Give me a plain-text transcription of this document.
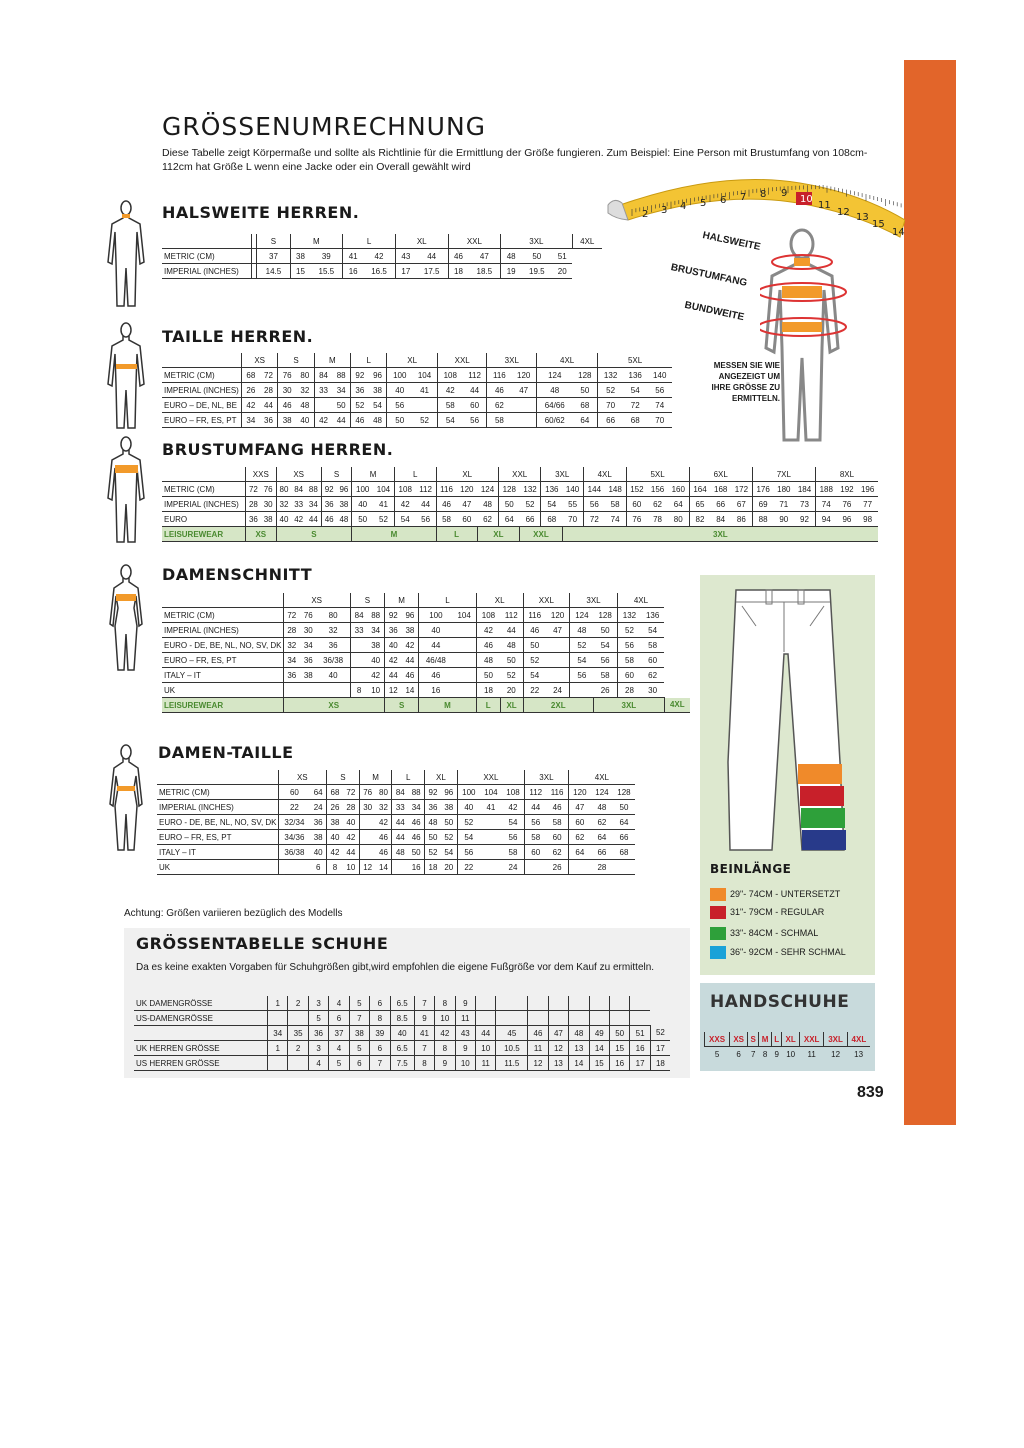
GRÖSSENUMRECHNUNG
Diese Tabelle zeigt Körpermaße und sollte als Richtlinie für die Ermittlung der Größe fungieren. Zum Beispiel: Eine Person mit Brustumfang von 108cm-112cm hat Größe L wenn eine Jacke oder ein Overall gewählt wird
2 3 4 5 6 7 8 9
10
11
12 13
15
14
HALSWEITE
BRUSTUMFANG
BUNDWEITE
MESSEN SIE WIE ANGEZEIGT UM IHRE GRÖSSE ZU ERMITTELN.
HALSWEITE HERREN.
TAILLE HERREN.
BRUSTUMFANG HERREN.
DAMENSCHNITT
DAMEN-TAILLE
		S	M		L		XL		XXL		3XL			4XL
METRIC (CM)		37	38	39	41	42	43	44	46	47	48	50	51	
IMPERIAL (INCHES)		14.5	15	15.5	16	16.5	17	17.5	18	18.5	19	19.5	20	
	XS		S		M		L		XL		XXL		3XL		4XL		5XL		
METRIC (CM)	68	72	76	80	84	88	92	96	100	104	108	112	116	120	124	128	132	136	140
IMPERIAL (INCHES)	26	28	30	32	33	34	36	38	40	41	42	44	46	47	48	50	52	54	56
EURO – DE, NL, BE	42	44	46	48		50	52	54	56		58	60	62		64/66	68	70	72	74
EURO – FR, ES, PT	34	36	38	40	42	44	46	48	50	52	54	56	58		60/62	64	66	68	70
	XXS		XS			S		M		L		XL			XXL		3XL		4XL		5XL			6XL			7XL			8XL		
METRIC (CM)	72	76	80	84	88	92	96	100	104	108	112	116	120	124	128	132	136	140	144	148	152	156	160	164	168	172	176	180	184	188	192	196
IMPERIAL (INCHES)	28	30	32	33	34	36	38	40	41	42	44	46	47	48	50	52	54	55	56	58	60	62	64	65	66	67	69	71	73	74	76	77
EURO	36	38	40	42	44	46	48	50	52	54	56	58	60	62	64	66	68	70	72	74	76	78	80	82	84	86	88	90	92	94	96	98
LEISUREWEAR	XS		S					M				L		XL		XXL		3XL														
	XS			S		M		L		XL		XXL		3XL		4XL		
METRIC (CM)	72	76	80	84	88	92	96	100	104	108	112	116	120	124	128	132	136	
IMPERIAL (INCHES)	28	30	32	33	34	36	38	40		42	44	46	47	48	50	52	54	
EURO - DE, BE, NL, NO, SV, DK	32	34	36		38	40	42	44		46	48	50		52	54	56	58	
EURO – FR, ES, PT	34	36	36/38		40	42	44	46/48		48	50	52		54	56	58	60	
ITALY – IT	36	38	40		42	44	46	46		50	52	54		56	58	60	62	
UK				8	10	12	14	16		18	20	22	24		26	28	30	
LEISUREWEAR	XS					S		M		L	XL	2XL			3XL			4XL
	XS		S		M		L		XL		XXL			3XL		4XL		
METRIC (CM)	60	64	68	72	76	80	84	88	92	96	100	104	108	112	116	120	124	128
IMPERIAL (INCHES)	22	24	26	28	30	32	33	34	36	38	40	41	42	44	46	47	48	50
EURO - DE, BE, NL, NO, SV, DK	32/34	36	38	40		42	44	46	48	50	52		54	56	58	60	62	64
EURO – FR, ES, PT	34/36	38	40	42		46	44	46	50	52	54		56	58	60	62	64	66
ITALY – IT	36/38	40	42	44		46	48	50	52	54	56		58	60	62	64	66	68
UK		6	8	10	12	14		16	18	20	22		24		26		28	
Achtung: Größen variieren bezüglich des Modells
GRÖSSENTABELLE SCHUHE
Da es keine exakten Vorgaben für Schuhgrößen gibt,wird empfohlen die eigene Fußgröße vor dem Kauf zu ermitteln.
UK DAMENGRÖSSE	1	2	3	4	5	6	6.5	7	8	9									
US-DAMENGRÖSSE			5	6	7	8	8.5	9	10	11									
	34	35	36	37	38	39	40	41	42	43	44	45	46	47	48	49	50	51	52
UK HERREN GRÖSSE	1	2	3	4	5	6	6.5	7	8	9	10	10.5	11	12	13	14	15	16	17
US HERREN GRÖSSE			4	5	6	7	7.5	8	9	10	11	11.5	12	13	14	15	16	17	18
BEINLÄNGE
29"- 74CM - UNTERSETZT
31"- 79CM - REGULAR
33"- 84CM - SCHMAL
36"- 92CM - SEHR SCHMAL
HANDSCHUHE
XXS	XS	S	M	L	XL	XXL	3XL	4XL
5	6	7	8	9	10	11	12	13
839
